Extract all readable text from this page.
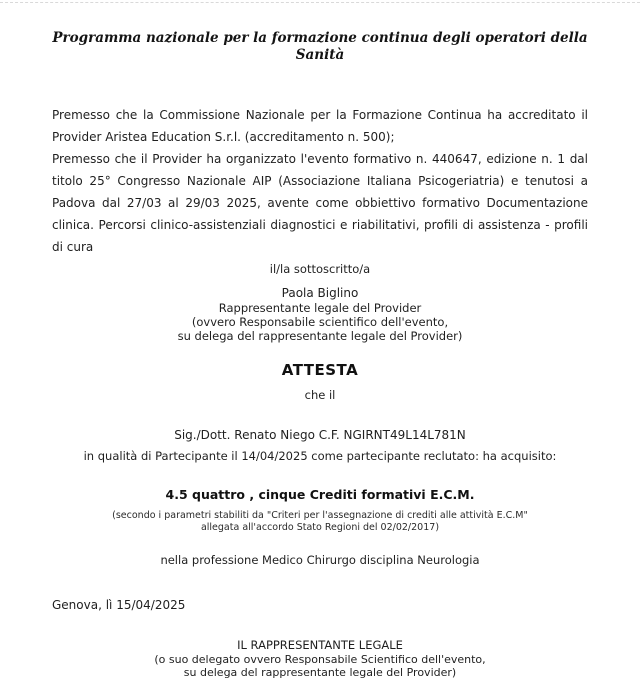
Programma nazionale per la formazione continua degli operatori della Sanità

Premesso che la Commissione Nazionale per la Formazione Continua ha accreditato il Provider Aristea Education S.r.l. (accreditamento n. 500);

Premesso che il Provider ha organizzato l'evento formativo n. 440647, edizione n. 1 dal titolo 25° Congresso Nazionale AIP (Associazione Italiana Psicogeriatria) e tenutosi a Padova dal 27/03 al 29/03 2025, avente come obbiettivo formativo Documentazione clinica. Percorsi clinico-assistenziali diagnostici e riabilitativi, profili di assistenza - profili di cura

il/la sottoscritto/a
Paola Biglino
Rappresentante legale del Provider
(ovvero Responsabile scientifico dell'evento,
su delega del rappresentante legale del Provider)
ATTESTA
che il
Sig./Dott. Renato Niego C.F. NGIRNT49L14L781N
in qualità di Partecipante il 14/04/2025 come partecipante reclutato: ha acquisito:
4.5 quattro , cinque Crediti formativi E.C.M.
(secondo i parametri stabiliti da "Criteri per l'assegnazione di crediti alle attività E.C.M"
allegata all'accordo Stato Regioni del 02/02/2017)
nella professione Medico Chirurgo disciplina Neurologia
Genova, lì 15/04/2025
IL RAPPRESENTANTE LEGALE
(o suo delegato ovvero Responsabile Scientifico dell'evento,
su delega del rappresentante legale del Provider)
